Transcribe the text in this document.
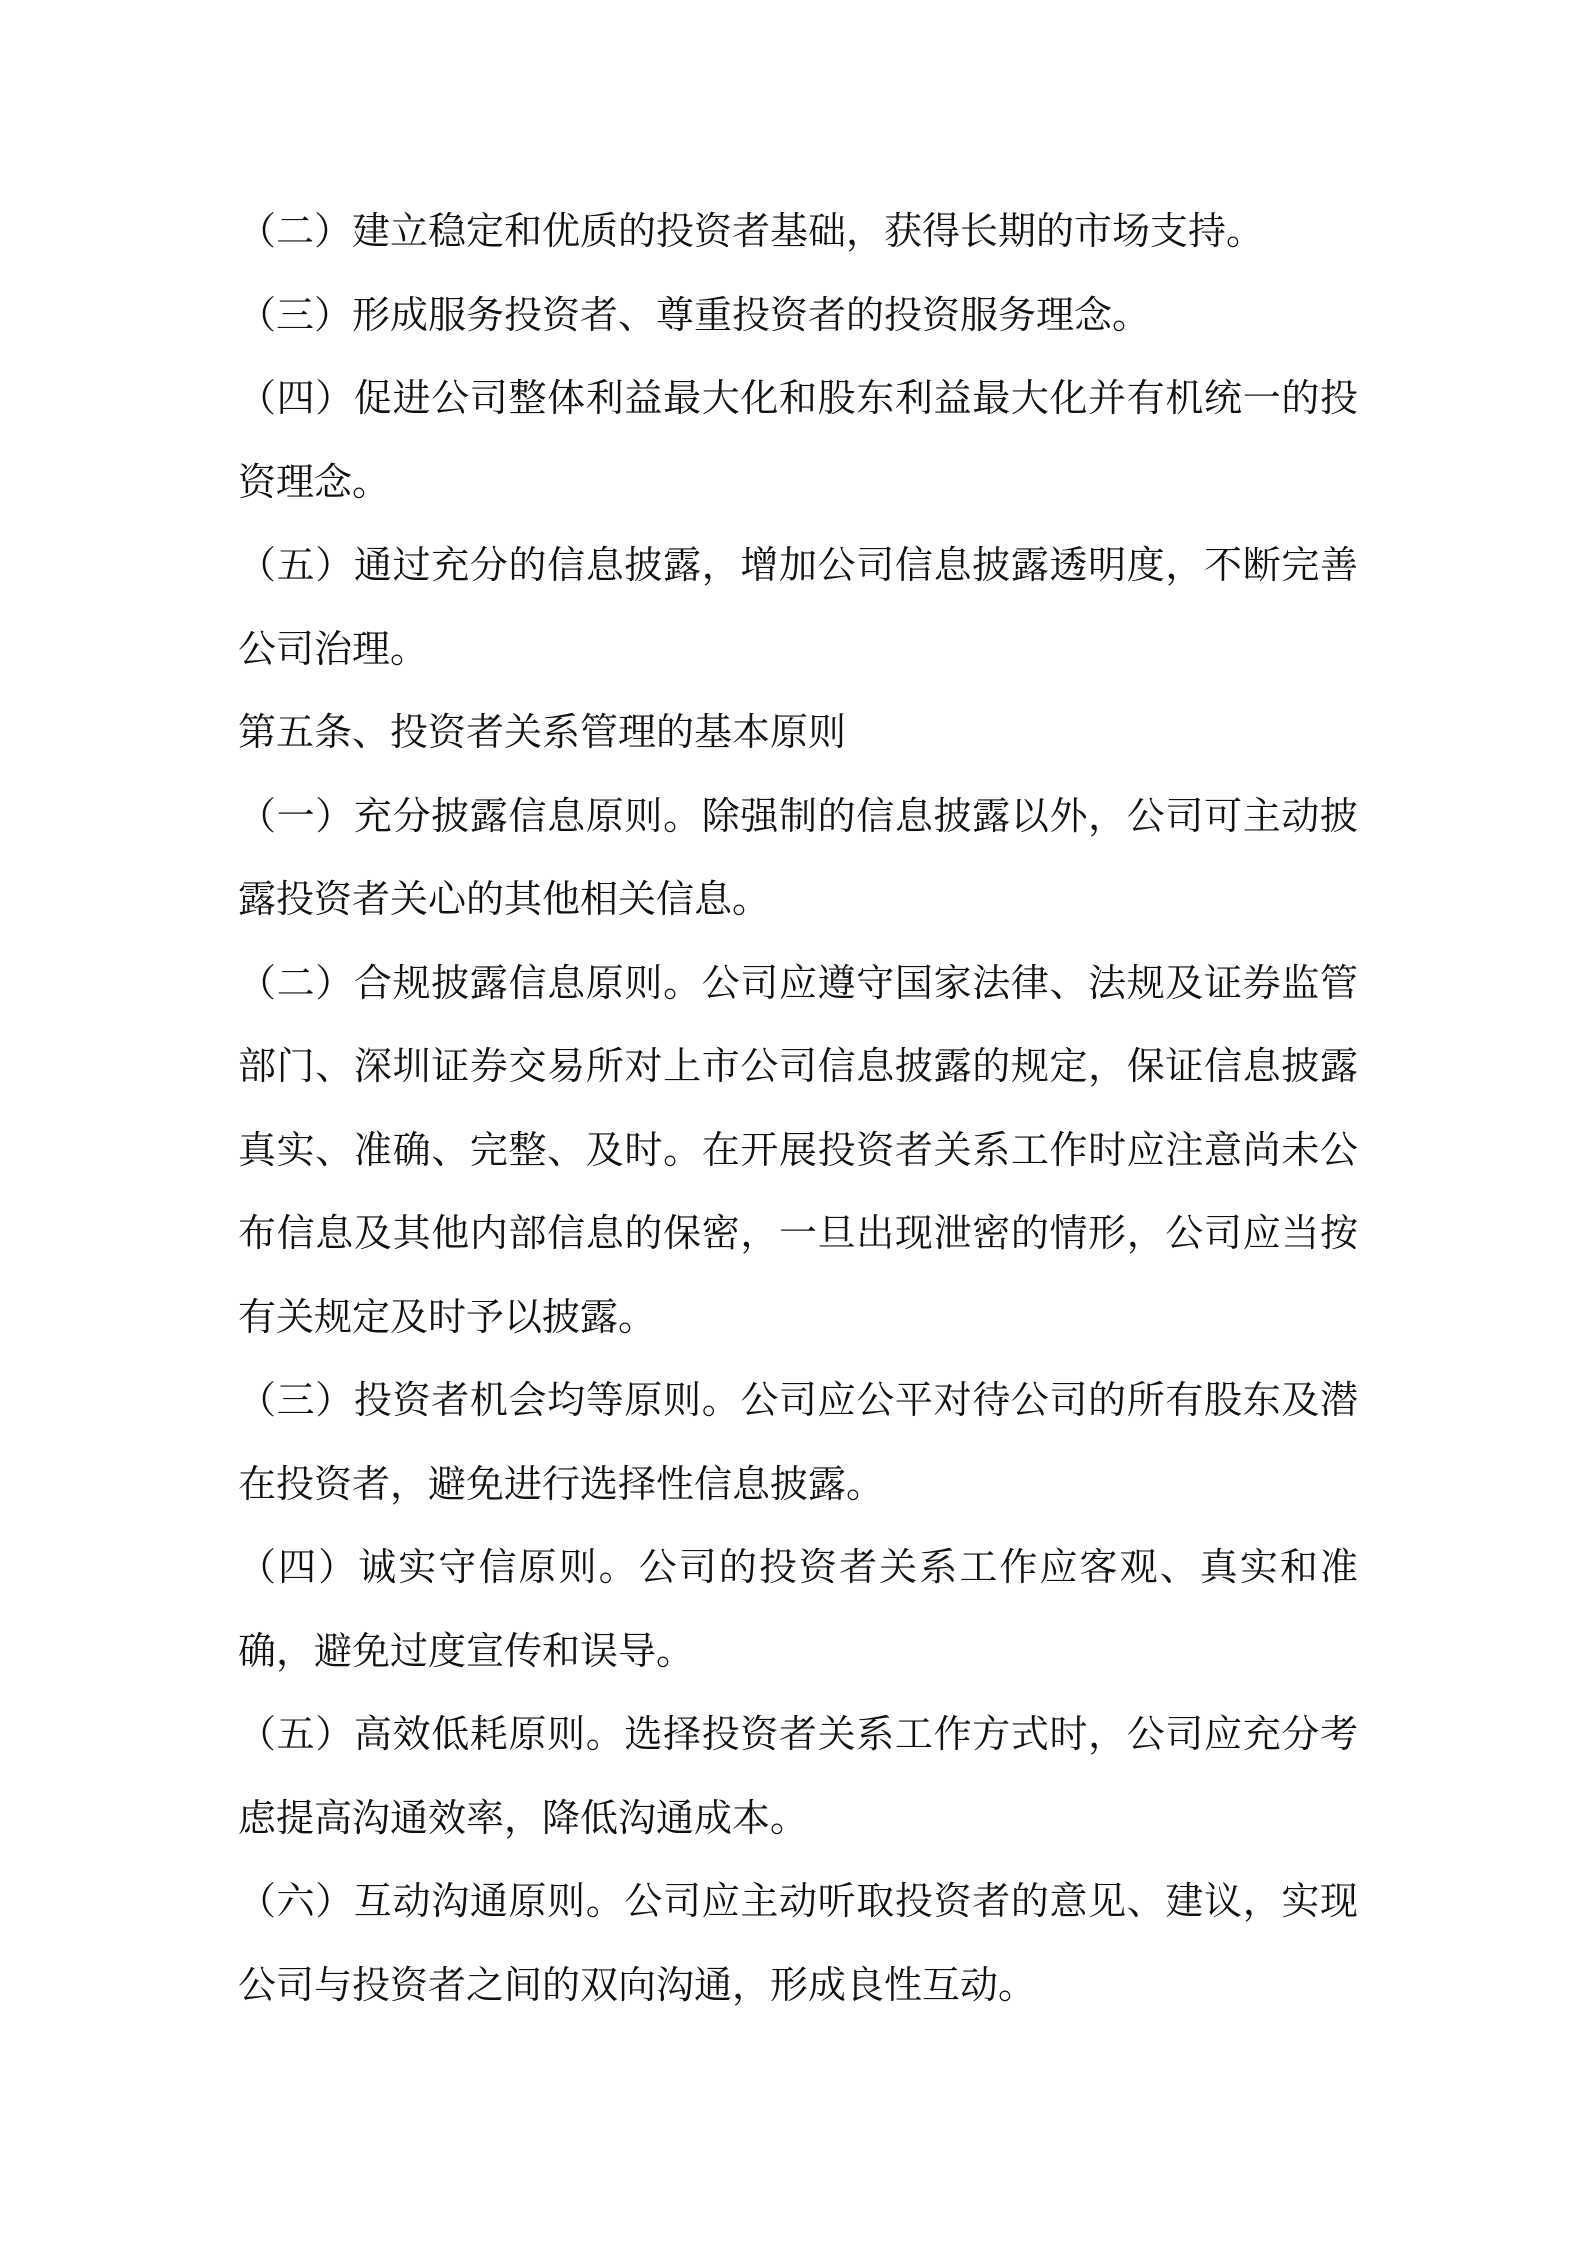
（二）建立稳定和优质的投资者基础，获得长期的市场支持。

（三）形成服务投资者、尊重投资者的投资服务理念。

（四）促进公司整体利益最大化和股东利益最大化并有机统一的投资理念。

（五）通过充分的信息披露，增加公司信息披露透明度，不断完善公司治理。

第五条、投资者关系管理的基本原则

（一）充分披露信息原则。除强制的信息披露以外，公司可主动披露投资者关心的其他相关信息。

（二）合规披露信息原则。公司应遵守国家法律、法规及证券监管部门、深圳证券交易所对上市公司信息披露的规定，保证信息披露真实、准确、完整、及时。在开展投资者关系工作时应注意尚未公布信息及其他内部信息的保密，一旦出现泄密的情形，公司应当按有关规定及时予以披露。

（三）投资者机会均等原则。公司应公平对待公司的所有股东及潜在投资者，避免进行选择性信息披露。

（四）诚实守信原则。公司的投资者关系工作应客观、真实和准确，避免过度宣传和误导。

（五）高效低耗原则。选择投资者关系工作方式时，公司应充分考虑提高沟通效率，降低沟通成本。

（六）互动沟通原则。公司应主动听取投资者的意见、建议，实现公司与投资者之间的双向沟通，形成良性互动。
